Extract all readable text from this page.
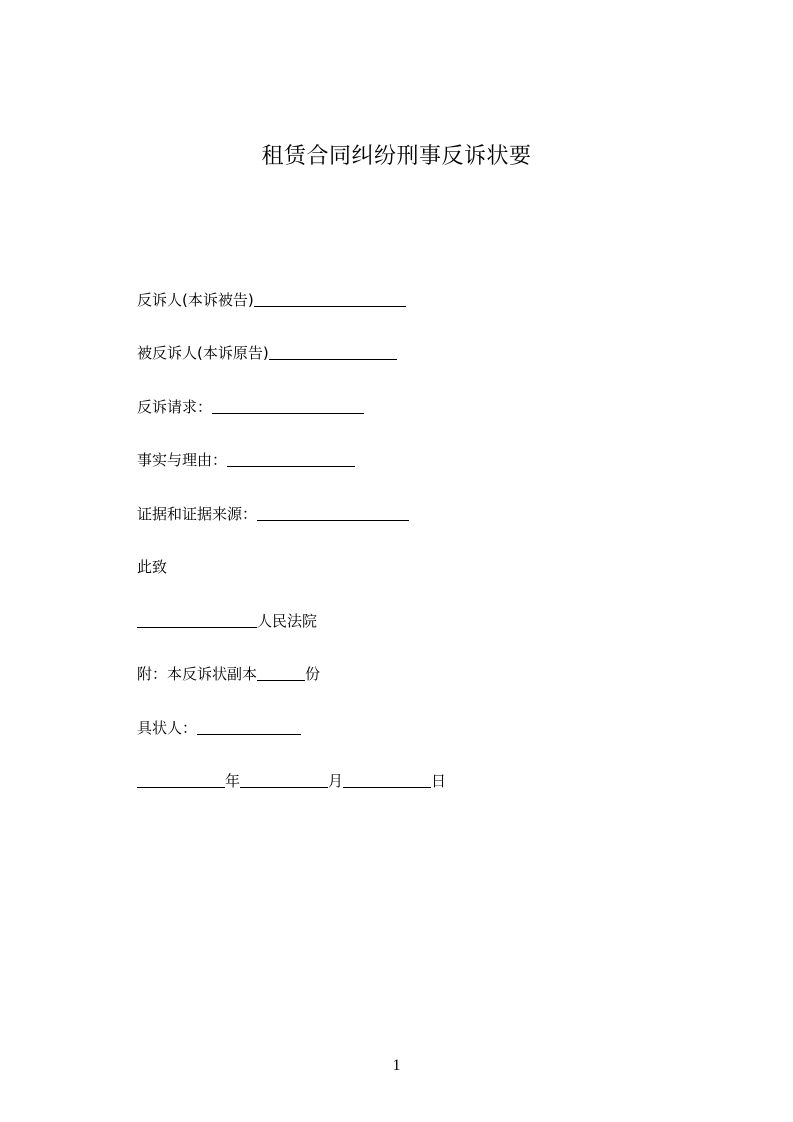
租赁合同纠纷刑事反诉状要
反诉人(本诉被告)
被反诉人(本诉原告)
反诉请求：
事实与理由：
证据和证据来源：
此致
人民法院
附：本反诉状副本	份
具状人：
年	月	日
1
